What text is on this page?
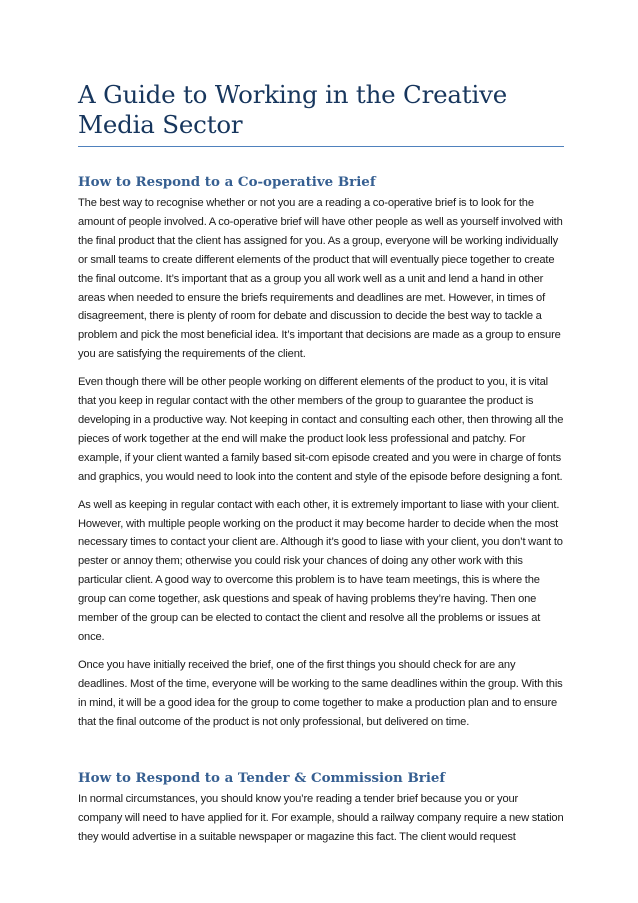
A Guide to Working in the Creative
Media Sector
How to Respond to a Co-operative Brief

The best way to recognise whether or not you are a reading a co-operative brief is to look for the amount of people involved. A co-operative brief will have other people as well as yourself involved with the final product that the client has assigned for you. As a group, everyone will be working individually or small teams to create different elements of the product that will eventually piece together to create the final outcome. It’s important that as a group you all work well as a unit and lend a hand in other areas when needed to ensure the briefs requirements and deadlines are met. However, in times of disagreement, there is plenty of room for debate and discussion to decide the best way to tackle a problem and pick the most beneficial idea. It’s important that decisions are made as a group to ensure you are satisfying the requirements of the client.

Even though there will be other people working on different elements of the product to you, it is vital that you keep in regular contact with the other members of the group to guarantee the product is developing in a productive way. Not keeping in contact and consulting each other, then throwing all the pieces of work together at the end will make the product look less professional and patchy. For example, if your client wanted a family based sit-com episode created and you were in charge of fonts and graphics, you would need to look into the content and style of the episode before designing a font.

As well as keeping in regular contact with each other, it is extremely important to liase with your client. However, with multiple people working on the product it may become harder to decide when the most necessary times to contact your client are. Although it’s good to liase with your client, you don’t want to pester or annoy them; otherwise you could risk your chances of doing any other work with this particular client. A good way to overcome this problem is to have team meetings, this is where the group can come together, ask questions and speak of having problems they’re having. Then one member of the group can be elected to contact the client and resolve all the problems or issues at once.

Once you have initially received the brief, one of the first things you should check for are any deadlines. Most of the time, everyone will be working to the same deadlines within the group. With this in mind, it will be a good idea for the group to come together to make a production plan and to ensure that the final outcome of the product is not only professional, but delivered on time.

How to Respond to a Tender & Commission Brief

In normal circumstances, you should know you’re reading a tender brief because you or your company will need to have applied for it. For example, should a railway company require a new station they would advertise in a suitable newspaper or magazine this fact. The client would request
